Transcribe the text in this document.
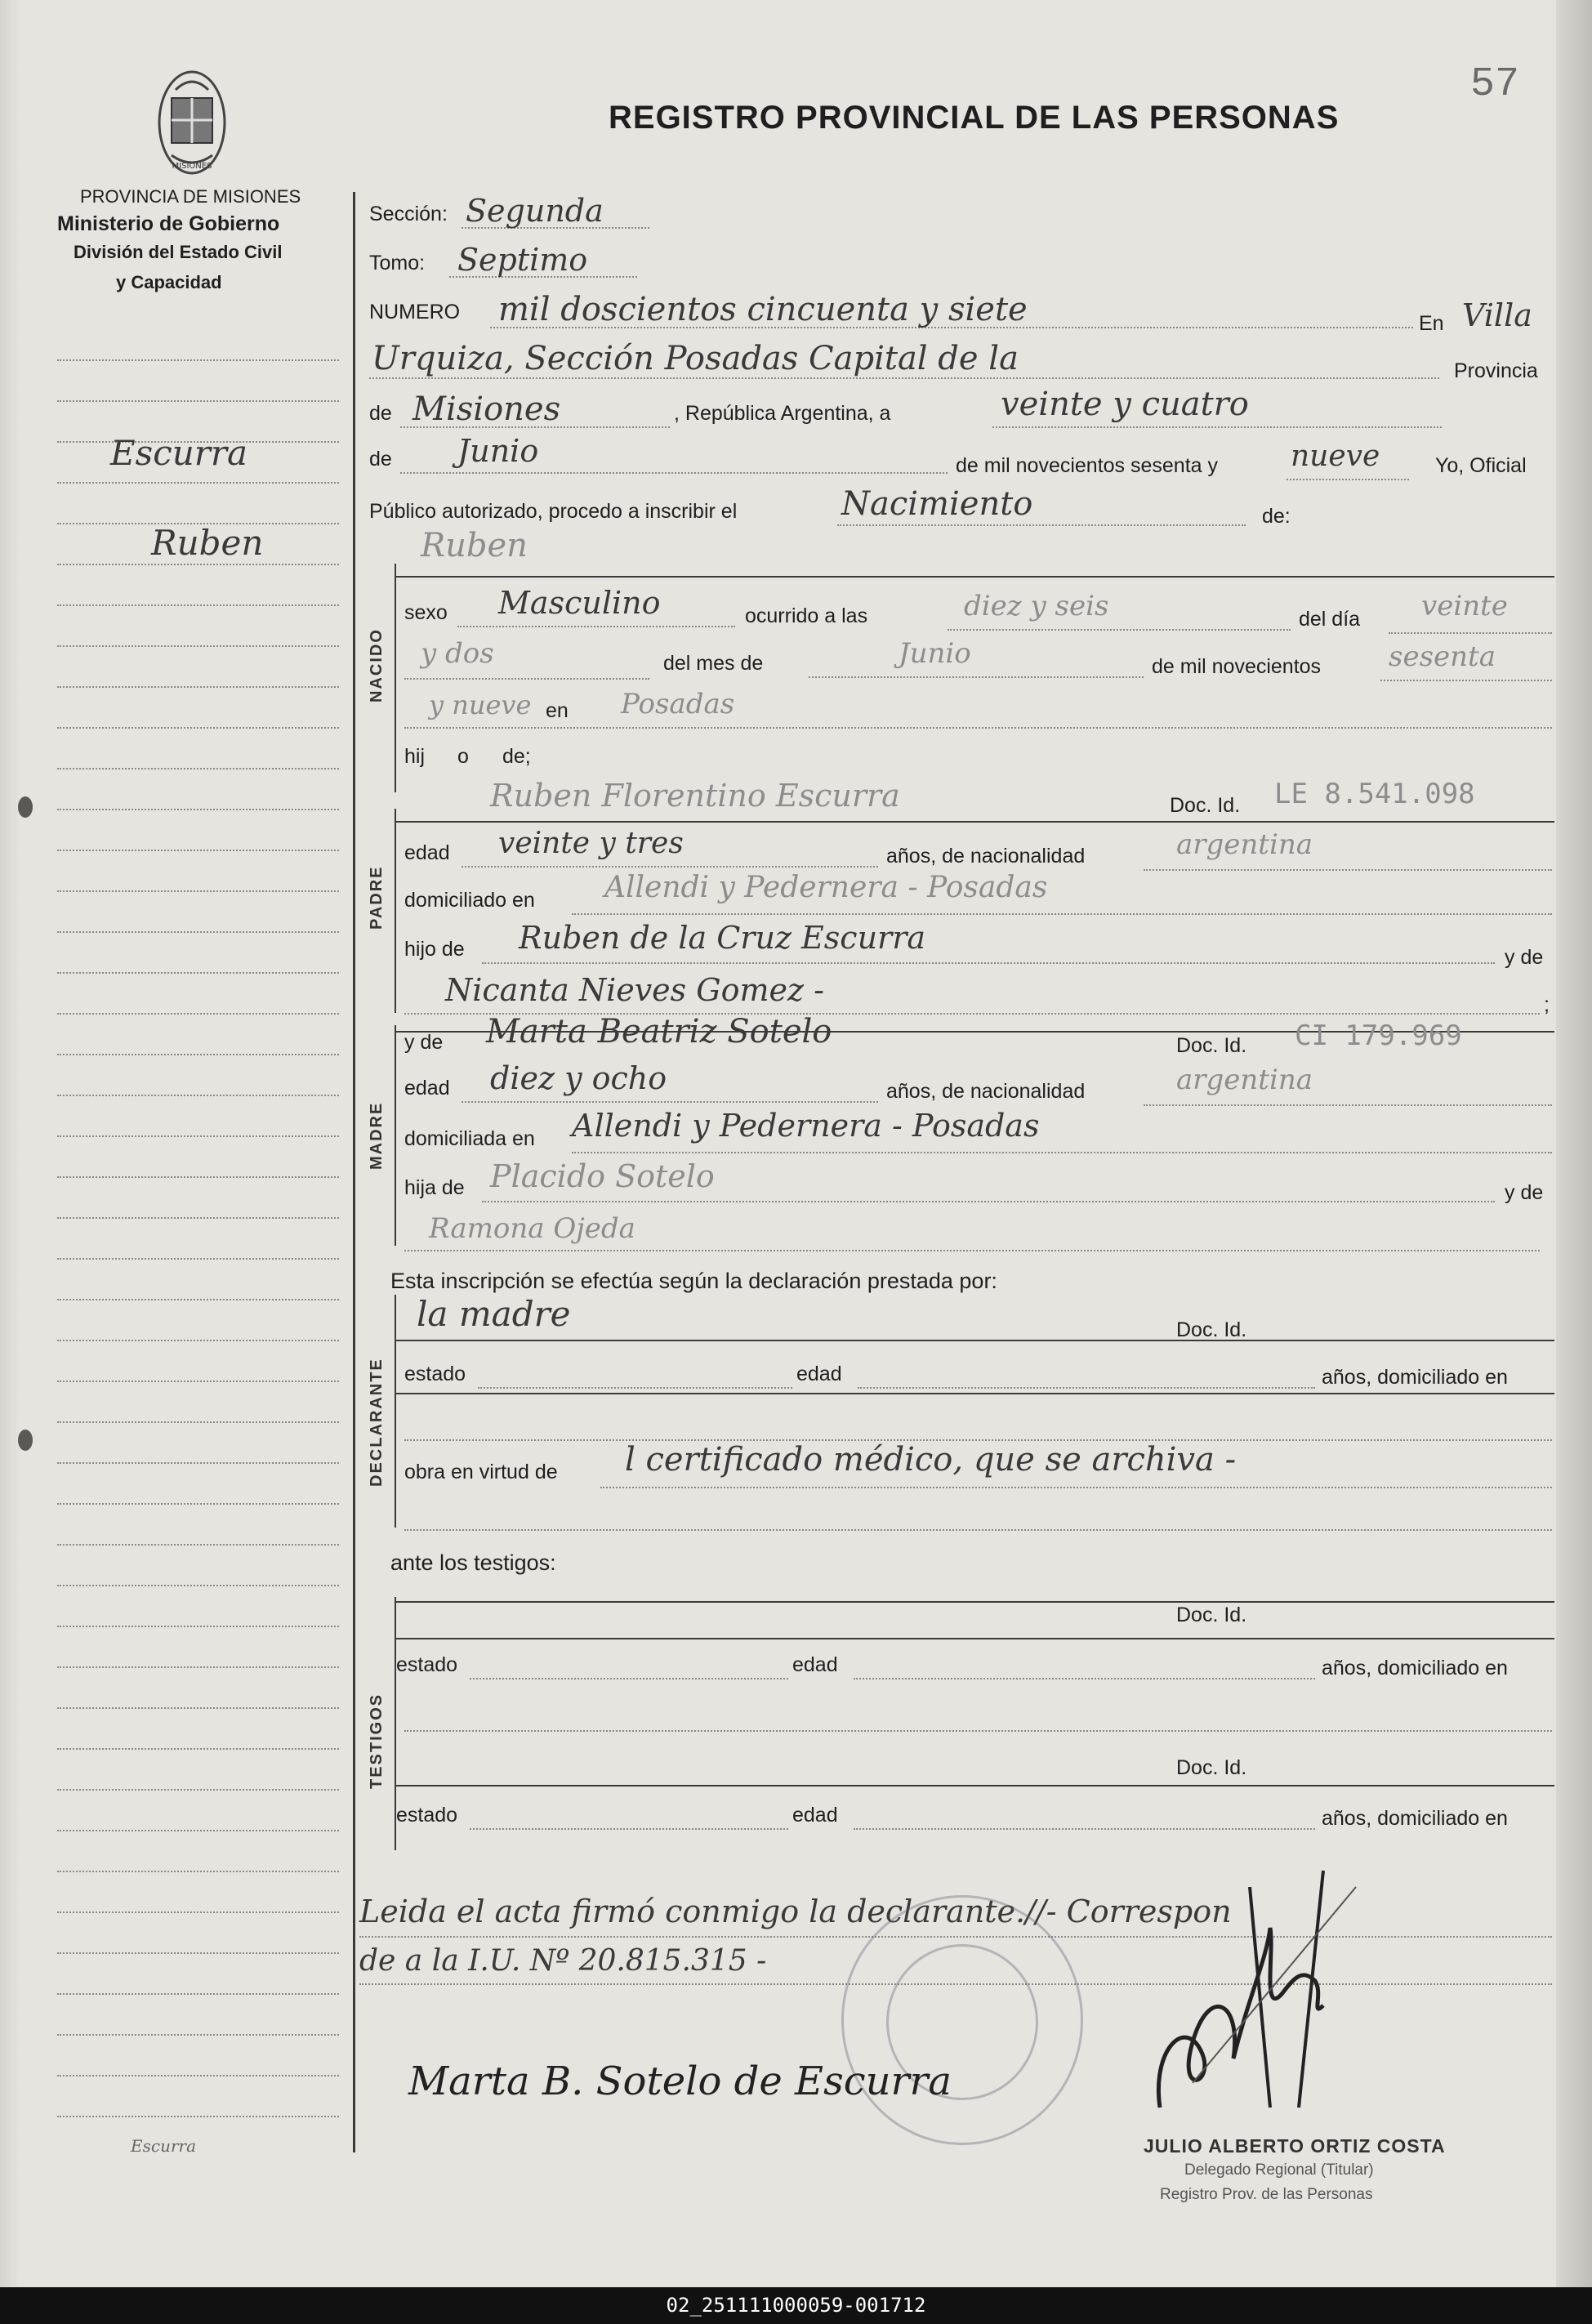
57
REGISTRO PROVINCIAL DE LAS PERSONAS
MISIONES
PROVINCIA DE MISIONES
Ministerio de Gobierno
División del Estado Civil
y Capacidad
NACIDO
PADRE
MADRE
DECLARANTE
TESTIGOS
Escurra
Ruben
Escurra
Sección: Segunda
Tomo: Septimo
NUMERO mil doscientos cincuenta y siete	En Villa
Urquiza, Sección Posadas Capital de la	Provincia
de Misiones	, República Argentina, a	veinte y cuatro
de Junio	de mil novecientos sesenta y nueve	Yo, Oficial
Público autorizado, procedo a inscribir el	Nacimiento	de:
Ruben
sexo Masculino	ocurrido a las	diez y seis	del día veinte
y dos	del mes de	Junio	de mil novecientos sesenta
y nueve en Posadas
hij o de;
Ruben Florentino Escurra	Doc. Id. LE 8.541.098
edad veinte y tres	años, de nacionalidad	argentina
domiciliado en Allendi y Pedernera - Posadas
hijo de Ruben de la Cruz Escurra
y de
Nicanta Nieves Gomez -	;
y de Marta Beatriz Sotelo	Doc. Id. CI 179.969
edad diez y ocho	años, de nacionalidad	argentina
domiciliada en Allendi y Pedernera - Posadas
hija de Placido Sotelo	y de
Ramona Ojeda
Esta inscripción se efectúa según la declaración prestada por:
la madre	Doc. Id.
estado	edad	años, domiciliado en
obra en virtud de l certificado médico, que se archiva -
ante los testigos:
Doc. Id.
estado	edad	años, domiciliado en
Doc. Id.
estado	edad	años, domiciliado en
Leida el acta firmó conmigo la declarante.//- Correspon
de a la I.U. Nº 20.815.315 -
Marta B. Sotelo de Escurra
JULIO ALBERTO ORTIZ COSTA
Delegado Regional (Titular)
Registro Prov. de las Personas
02_251111000059-001712
